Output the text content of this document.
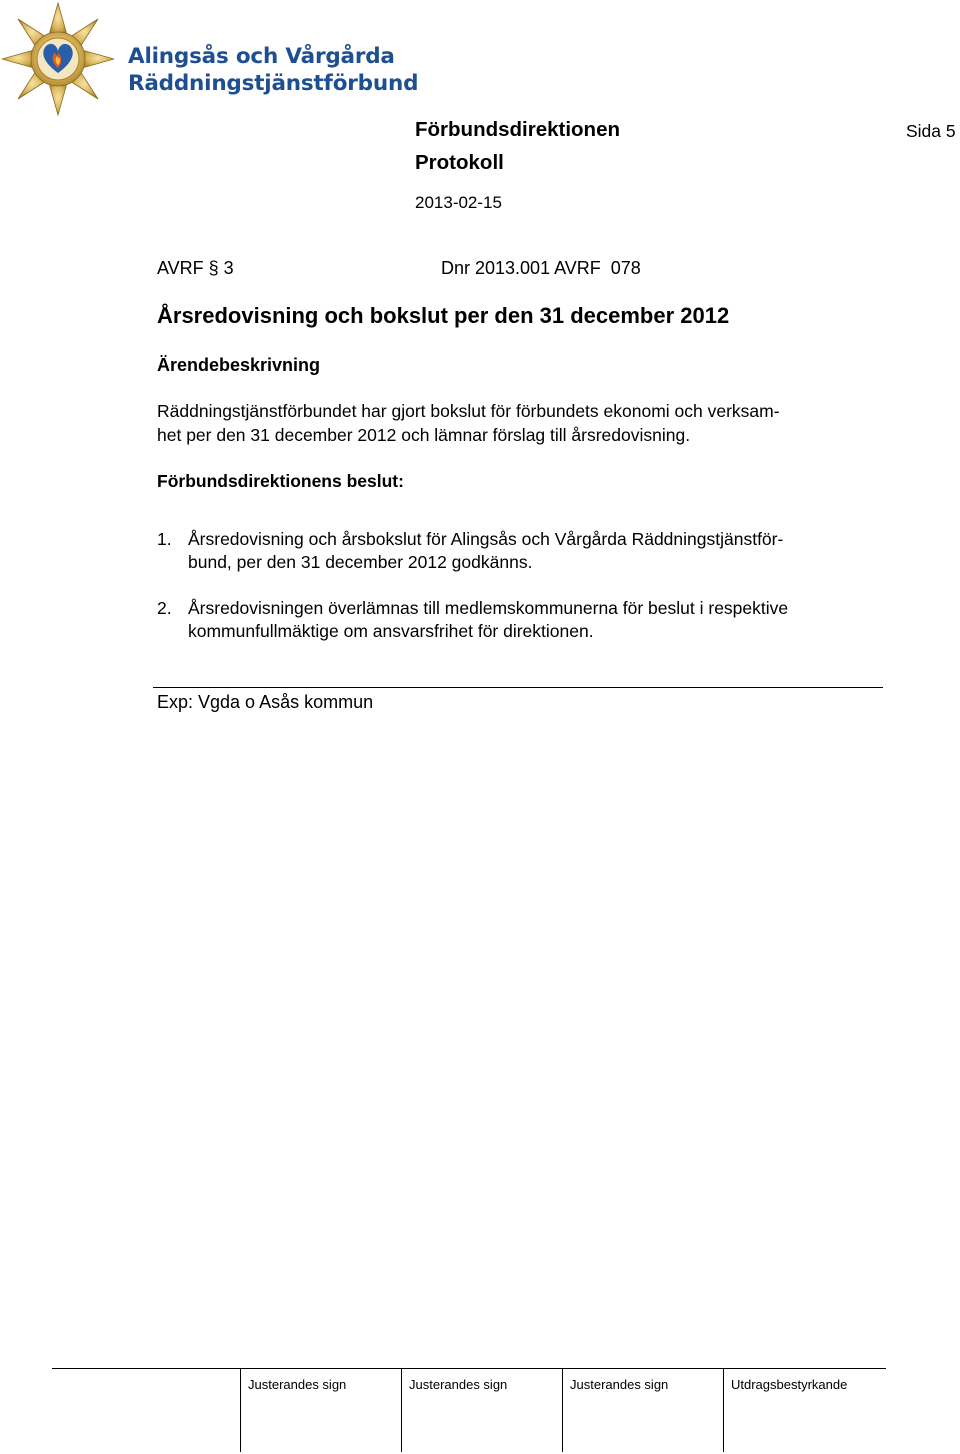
Alingsås och Vårgårda
Räddningstjänstförbund
Förbundsdirektionen	Sida 5
Protokoll
2013-02-15
AVRF § 3	Dnr 2013.001 AVRF  078
Årsredovisning och bokslut per den 31 december 2012
Ärendebeskrivning
Räddningstjänstförbundet har gjort bokslut för förbundets ekonomi och verksam-
het per den 31 december 2012 och lämnar förslag till årsredovisning.
Förbundsdirektionens beslut:
1. Årsredovisning och årsbokslut för Alingsås och Vårgårda Räddningstjänstför-
bund, per den 31 december 2012 godkänns.
2. Årsredovisningen överlämnas till medlemskommunerna för beslut i respektive
kommunfullmäktige om ansvarsfrihet för direktionen.
Exp: Vgda o Asås kommun
Justerandes sign	Justerandes sign	Justerandes sign	Utdragsbestyrkande
